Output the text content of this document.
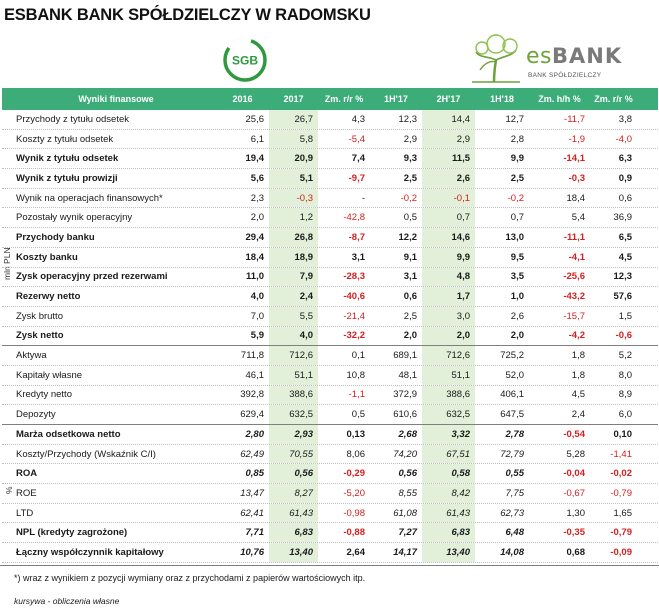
ESBANK BANK SPÓŁDZIELCZY W RADOMSKU
SGB	esBANK
BANK SPÓŁDZIELCZY
mln PLN
%
Wyniki finansowe	2016	2017	Zm. r/r %	1H'17	2H'17	1H'18	Zm. h/h %	Zm. r/r %
Przychody z tytułu odsetek	25,6	26,7	4,3	12,3	14,4	12,7	-11,7	3,8
Koszty z tytułu odsetek	6,1	5,8	-5,4	2,9	2,9	2,8	-1,9	-4,0
Wynik z tytułu odsetek	19,4	20,9	7,4	9,3	11,5	9,9	-14,1	6,3
Wynik z tytułu prowizji	5,6	5,1	-9,7	2,5	2,6	2,5	-0,3	0,9
Wynik na operacjach finansowych*	2,3	-0,3	-	-0,2	-0,1	-0,2	18,4	0,6
Pozostały wynik operacyjny	2,0	1,2	-42,8	0,5	0,7	0,7	5,4	36,9
Przychody banku	29,4	26,8	-8,7	12,2	14,6	13,0	-11,1	6,5
Koszty banku	18,4	18,9	3,1	9,1	9,9	9,5	-4,1	4,5
Zysk operacyjny przed rezerwami	11,0	7,9	-28,3	3,1	4,8	3,5	-25,6	12,3
Rezerwy netto	4,0	2,4	-40,6	0,6	1,7	1,0	-43,2	57,6
Zysk brutto	7,0	5,5	-21,4	2,5	3,0	2,6	-15,7	1,5
Zysk netto	5,9	4,0	-32,2	2,0	2,0	2,0	-4,2	-0,6
Aktywa	711,8	712,6	0,1	689,1	712,6	725,2	1,8	5,2
Kapitały własne	46,1	51,1	10,8	48,1	51,1	52,0	1,8	8,0
Kredyty netto	392,8	388,6	-1,1	372,9	388,6	406,1	4,5	8,9
Depozyty	629,4	632,5	0,5	610,6	632,5	647,5	2,4	6,0
Marża odsetkowa netto	2,80	2,93	0,13	2,68	3,32	2,78	-0,54	0,10
Koszty/Przychody (Wskaźnik C/I)	62,49	70,55	8,06	74,20	67,51	72,79	5,28	-1,41
ROA	0,85	0,56	-0,29	0,56	0,58	0,55	-0,04	-0,02
ROE	13,47	8,27	-5,20	8,55	8,42	7,75	-0,67	-0,79
LTD	62,41	61,43	-0,98	61,08	61,43	62,73	1,30	1,65
NPL (kredyty zagrożone)	7,71	6,83	-0,88	7,27	6,83	6,48	-0,35	-0,79
Łączny współczynnik kapitałowy	10,76	13,40	2,64	14,17	13,40	14,08	0,68	-0,09
*) wraz z wynikiem z pozycji wymiany oraz z przychodami z papierów wartościowych itp.
kursywa - obliczenia własne
